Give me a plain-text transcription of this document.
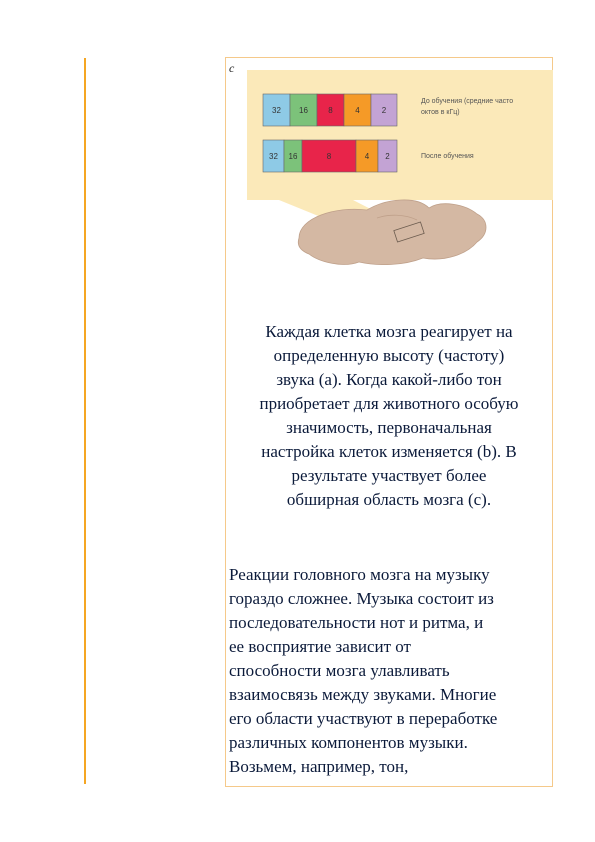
32 16	8	4	2
До обучения (средние часто
октов в кГц)
32 16	8	4 2	После обучения
c
Каждая клетка мозга реагирует на
определенную высоту (частоту)
звука (а). Когда какой-либо тон
приобретает для животного особую
значимость, первоначальная
настройка клеток изменяется (b). В
результате участвует более
обширная область мозга (с).
Реакции головного мозга на музыку
гораздо сложнее. Музыка состоит из
последовательности нот и ритма, и
ее восприятие зависит от
способности мозга улавливать
взаимосвязь между звуками. Многие
его области участвуют в переработке
различных компонентов музыки.
Возьмем, например, тон,
